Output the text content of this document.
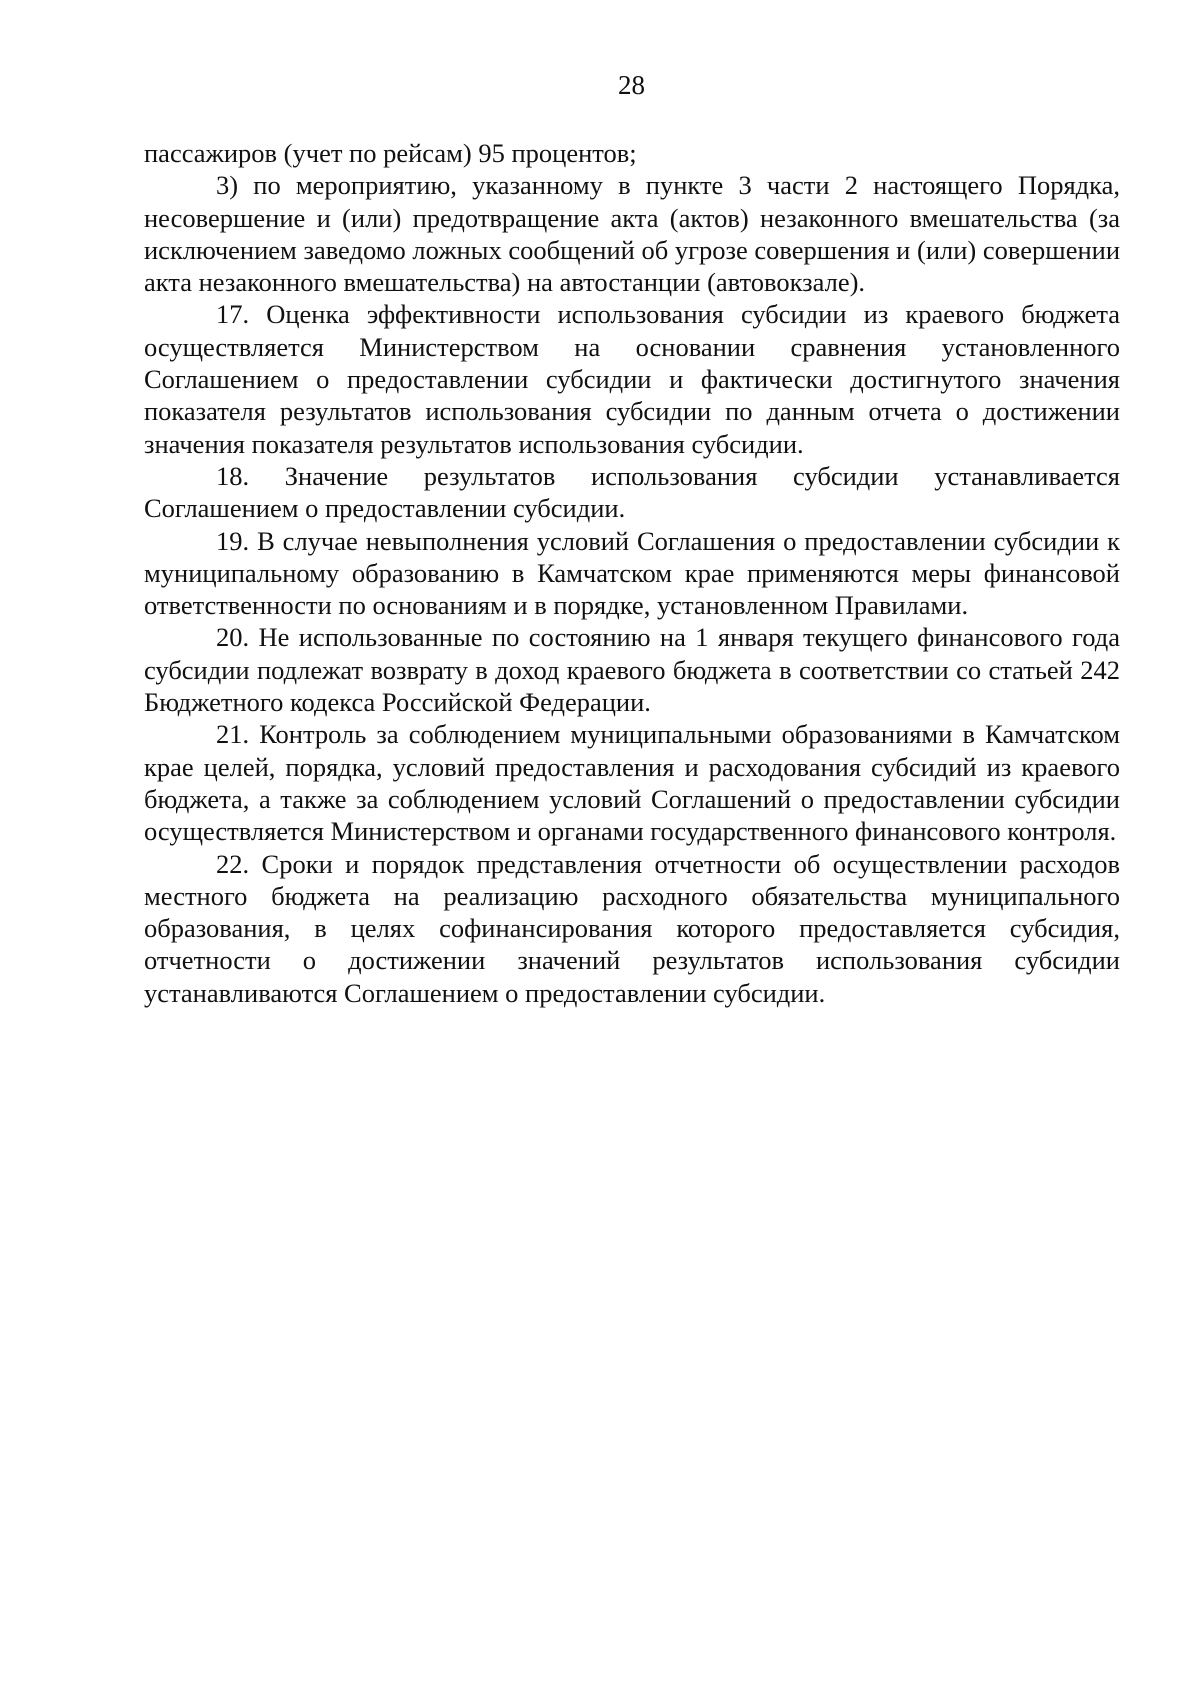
28

пассажиров (учет по рейсам) 95 процентов;

3) по мероприятию, указанному в пункте 3 части 2 настоящего Порядка, несовершение и (или) предотвращение акта (актов) незаконного вмешательства (за исключением заведомо ложных сообщений об угрозе совершения и (или) совершении акта незаконного вмешательства) на автостанции (автовокзале).

17. Оценка эффективности использования субсидии из краевого бюджета осуществляется Министерством на основании сравнения установленного Соглашением о предоставлении субсидии и фактически достигнутого значения показателя результатов использования субсидии по данным отчета о достижении значения показателя результатов использования субсидии.

18. Значение результатов использования субсидии устанавливается Соглашением о предоставлении субсидии.

19. В случае невыполнения условий Соглашения о предоставлении субсидии к муниципальному образованию в Камчатском крае применяются меры финансовой ответственности по основаниям и в порядке, установленном Правилами.

20. Не использованные по состоянию на 1 января текущего финансового года субсидии подлежат возврату в доход краевого бюджета в соответствии со статьей 242 Бюджетного кодекса Российской Федерации.

21. Контроль за соблюдением муниципальными образованиями в Камчатском крае целей, порядка, условий предоставления и расходования субсидий из краевого бюджета, а также за соблюдением условий Соглашений о предоставлении субсидии осуществляется Министерством и органами государственного финансового контроля.

22. Сроки и порядок представления отчетности об осуществлении расходов местного бюджета на реализацию расходного обязательства муниципального образования, в целях софинансирования которого предоставляется субсидия, отчетности о достижении значений результатов использования субсидии устанавливаются Соглашением о предоставлении субсидии.
